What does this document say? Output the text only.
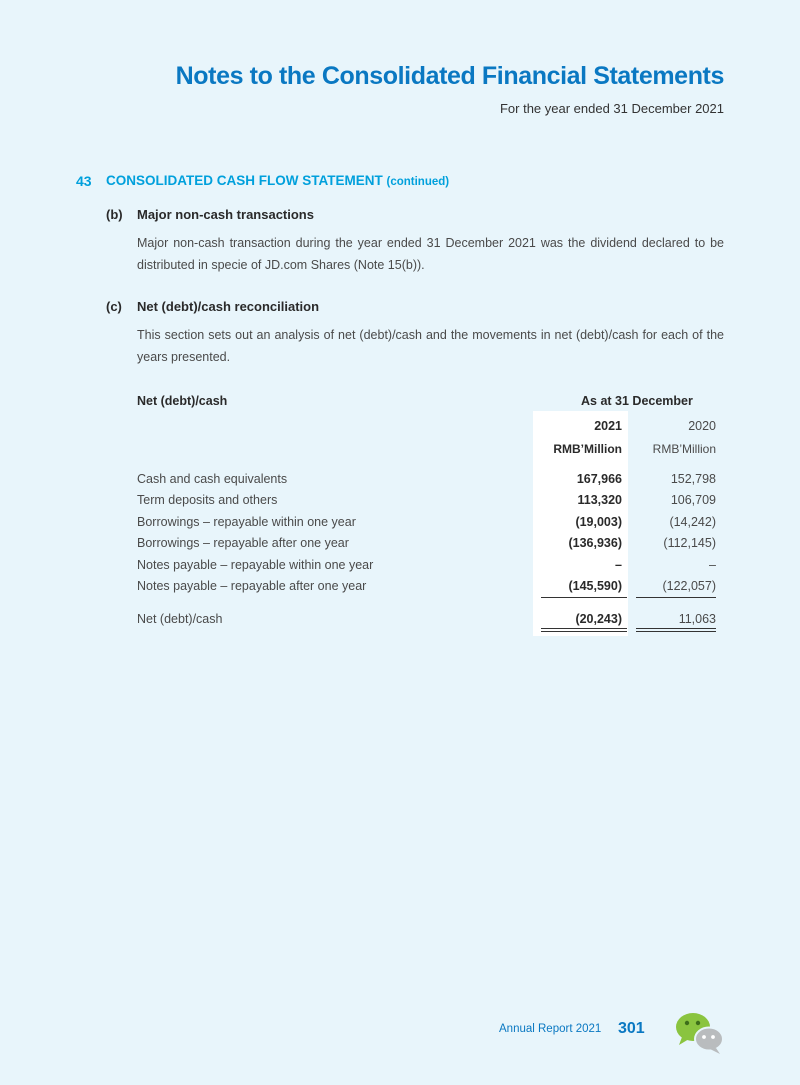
Notes to the Consolidated Financial Statements
For the year ended 31 December 2021
43 CONSOLIDATED CASH FLOW STATEMENT (continued)
(b) Major non-cash transactions
Major non-cash transaction during the year ended 31 December 2021 was the dividend declared to be distributed in specie of JD.com Shares (Note 15(b)).
(c) Net (debt)/cash reconciliation
This section sets out an analysis of net (debt)/cash and the movements in net (debt)/cash for each of the years presented.
Net (debt)/cash	As at 31 December
2021	2020
RMB’Million	RMB’Million
Cash and cash equivalents	167,966	152,798
Term deposits and others	113,320	106,709
Borrowings – repayable within one year	(19,003)	(14,242)
Borrowings – repayable after one year	(136,936)	(112,145)
Notes payable – repayable within one year	–	–
Notes payable – repayable after one year	(145,590)	(122,057)
Net (debt)/cash	(20,243)	11,063
Annual Report 2021 301
